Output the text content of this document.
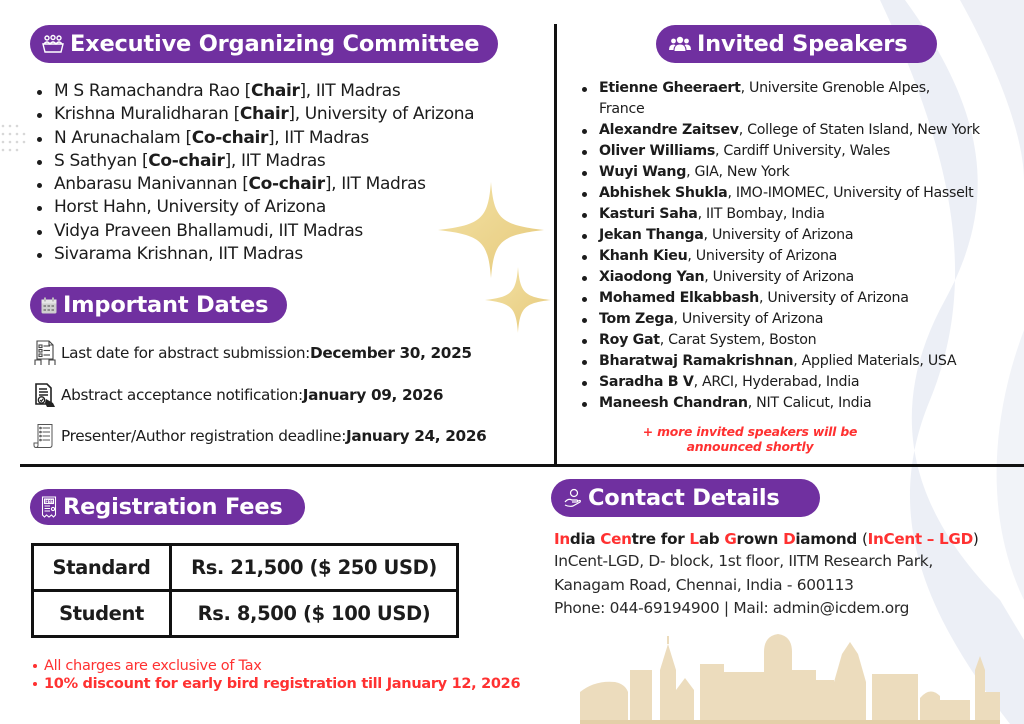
Executive Organizing Committee
M S Ramachandra Rao [Chair], IIT Madras
Krishna Muralidharan [Chair], University of Arizona
N Arunachalam [Co-chair], IIT Madras
S Sathyan [Co-chair], IIT Madras
Anbarasu Manivannan [Co-chair], IIT Madras
Horst Hahn, University of Arizona
Vidya Praveen Bhallamudi, IIT Madras
Sivarama Krishnan, IIT Madras
Important Dates
Last date for abstract submission: December 30, 2025
Abstract acceptance notification: January 09, 2026
Presenter/Author registration deadline: January 24, 2026
Invited Speakers
Etienne Gheeraert, Universite Grenoble Alpes,
France
Alexandre Zaitsev, College of Staten Island, New York
Oliver Williams, Cardiff University, Wales
Wuyi Wang, GIA, New York
Abhishek Shukla, IMO-IMOMEC, University of Hasselt
Kasturi Saha, IIT Bombay, India
Jekan Thanga, University of Arizona
Khanh Kieu, University of Arizona
Xiaodong Yan, University of Arizona
Mohamed Elkabbash, University of Arizona
Tom Zega, University of Arizona
Roy Gat, Carat System, Boston
Bharatwaj Ramakrishnan, Applied Materials, USA
Saradha B V, ARCI, Hyderabad, India
Maneesh Chandran, NIT Calicut, India
+ more invited speakers will be
announced shortly
FEE Registration Fees
Standard	Rs. 21,500 ($ 250 USD)
Student	Rs. 8,500 ($ 100 USD)
All charges are exclusive of Tax
10% discount for early bird registration till January 12, 2026
Contact Details
India Centre for Lab Grown Diamond (InCent – LGD)
InCent-LGD, D- block, 1st floor, IITM Research Park,
Kanagam Road, Chennai, India - 600113
Phone: 044-69194900 | Mail: admin@icdem.org
